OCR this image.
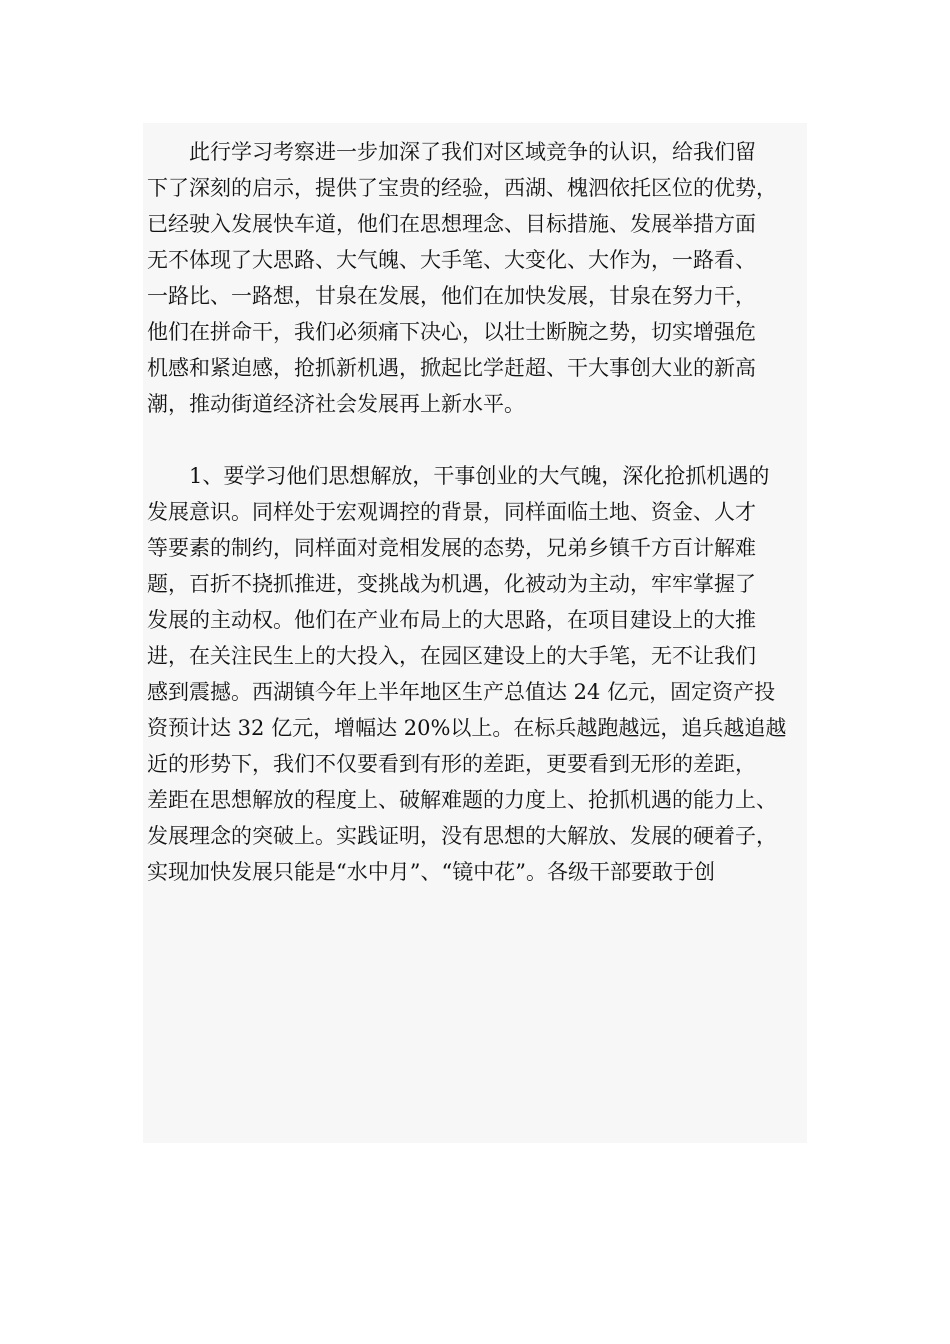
　　此行学习考察进一步加深了我们对区域竞争的认识，给我们留
下了深刻的启示，提供了宝贵的经验，西湖、槐泗依托区位的优势，
已经驶入发展快车道，他们在思想理念、目标措施、发展举措方面
无不体现了大思路、大气魄、大手笔、大变化、大作为，一路看、
一路比、一路想，甘泉在发展，他们在加快发展，甘泉在努力干，
他们在拼命干，我们必须痛下决心，以壮士断腕之势，切实增强危
机感和紧迫感，抢抓新机遇，掀起比学赶超、干大事创大业的新高
潮，推动街道经济社会发展再上新水平。
　　1、要学习他们思想解放，干事创业的大气魄，深化抢抓机遇的
发展意识。同样处于宏观调控的背景，同样面临土地、资金、人才
等要素的制约，同样面对竞相发展的态势，兄弟乡镇千方百计解难
题，百折不挠抓推进，变挑战为机遇，化被动为主动，牢牢掌握了
发展的主动权。他们在产业布局上的大思路，在项目建设上的大推
进，在关注民生上的大投入，在园区建设上的大手笔，无不让我们
感到震撼。西湖镇今年上半年地区生产总值达 24 亿元，固定资产投
资预计达 32 亿元，增幅达 20%以上。在标兵越跑越远，追兵越追越
近的形势下，我们不仅要看到有形的差距，更要看到无形的差距，
差距在思想解放的程度上、破解难题的力度上、抢抓机遇的能力上、
发展理念的突破上。实践证明，没有思想的大解放、发展的硬着子，
实现加快发展只能是“水中月”、“镜中花”。各级干部要敢于创
